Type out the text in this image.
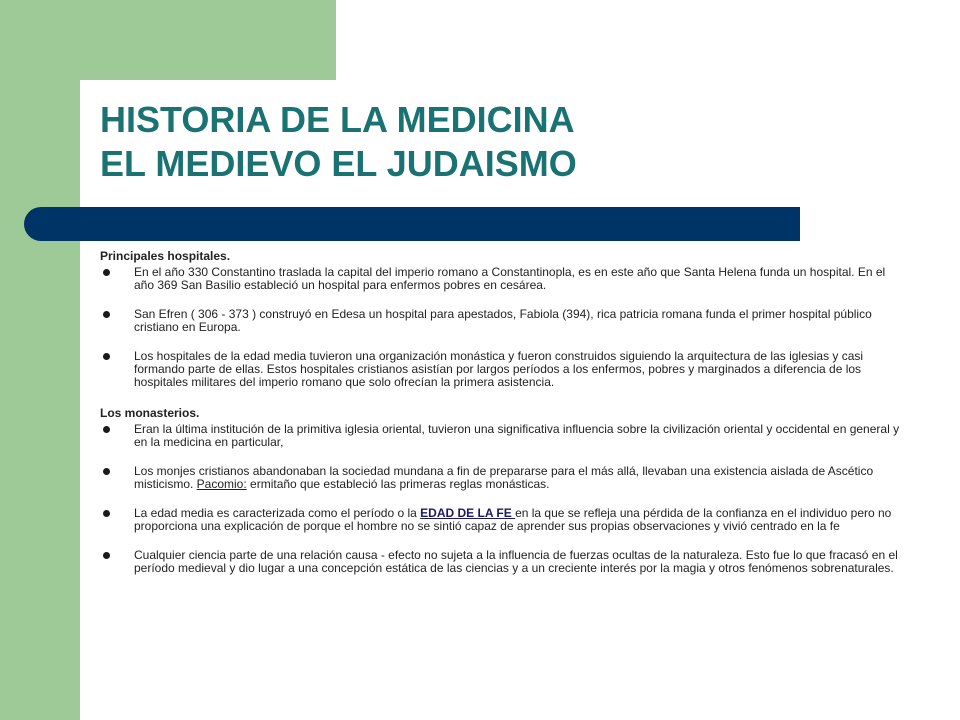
HISTORIA DE LA MEDICINA
EL MEDIEVO EL JUDAISMO

Principales hospitales.

En el año 330 Constantino traslada la capital del imperio romano a Constantinopla, es en este año que Santa Helena funda un hospital. En el año 369 San Basilio estableció un hospital para enfermos pobres en cesárea.
San Efren ( 306 - 373 ) construyó en Edesa un hospital para apestados, Fabiola (394), rica patricia romana funda el primer hospital público cristiano en Europa.
Los hospitales de la edad media tuvieron una organización monástica y fueron construidos siguiendo la arquitectura de las iglesias y casi formando parte de ellas. Estos hospitales cristianos asistían por largos períodos a los enfermos, pobres y marginados a diferencia de los hospitales militares del imperio romano que solo ofrecían la primera asistencia.

Los monasterios.

Eran la última institución de la primitiva iglesia oriental, tuvieron una significativa influencia sobre la civilización oriental y occidental en general y en la medicina en particular,
Los monjes cristianos abandonaban la sociedad mundana a fin de prepararse para el más allá, llevaban una existencia aislada de Ascético misticismo. Pacomio: ermitaño que estableció las primeras reglas monásticas.
La edad media es caracterizada como el período o la EDAD DE LA FE en la que se refleja una pérdida de la confianza en el individuo pero no proporciona una explicación de porque el hombre no se sintió capaz de aprender sus propias observaciones y vivió centrado en la fe
Cualquier ciencia parte de una relación causa - efecto no sujeta a la influencia de fuerzas ocultas de la naturaleza. Esto fue lo que fracasó en el período medieval y dio lugar a una concepción estática de las ciencias y a un creciente interés por la magia y otros fenómenos sobrenaturales.
